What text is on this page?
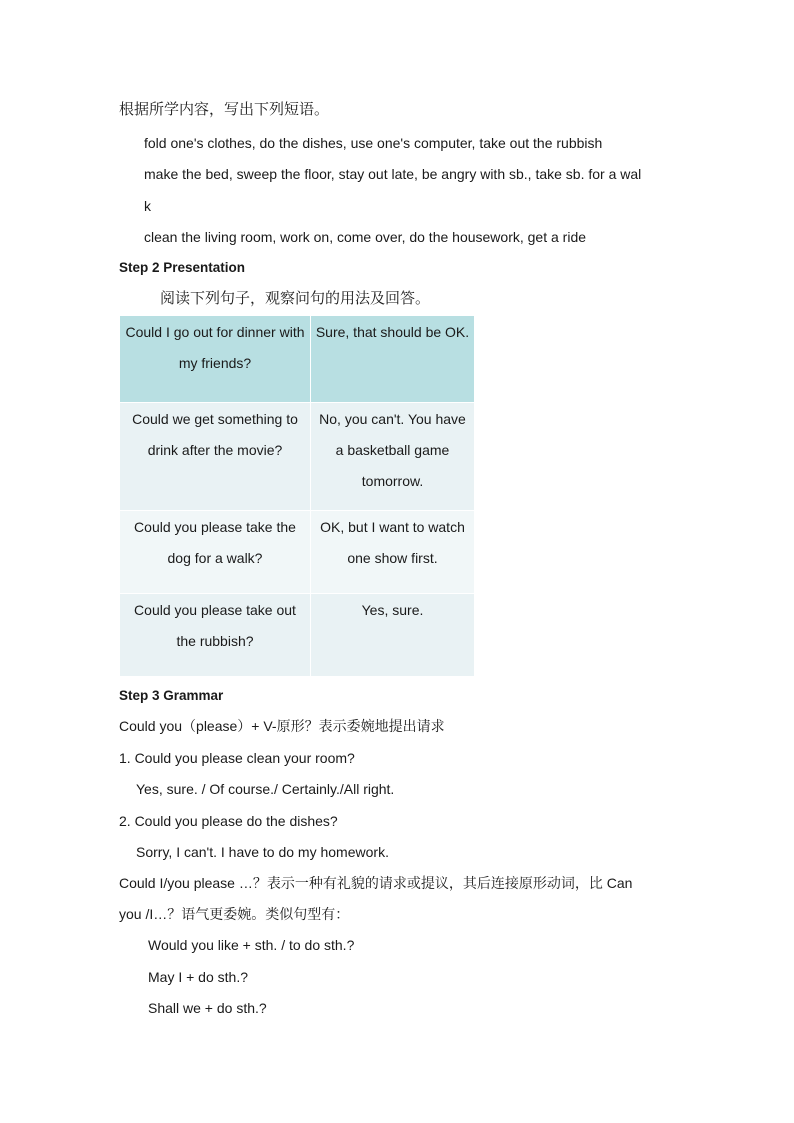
根据所学内容，写出下列短语。
fold one's clothes, do the dishes, use one's computer, take out the rubbish
make the bed, sweep the floor, stay out late, be angry with sb., take sb. for a wal
k
clean the living room, work on, come over, do the housework, get a ride
Step 2 Presentation
阅读下列句子，观察问句的用法及回答。
Could I go out for dinner with my friends?	Sure, that should be OK.

Could we get something to drink after the movie?	No, you can't. You have a basketball game tomorrow.

Could you please take the dog for a walk?	OK, but I want to watch one show first.

Could you please take out the rubbish?	Yes, sure.
Step 3 Grammar
Could you（please）+ V-原形？表示委婉地提出请求
1. Could you please clean your room?
Yes, sure. / Of course./ Certainly./All right.
2. Could you please do the dishes?
Sorry, I can't. I have to do my homework.
Could I/you please …？表示一种有礼貌的请求或提议，其后连接原形动词，比 Can
you /I…？语气更委婉。类似句型有：
Would you like + sth. / to do sth.?
May I + do sth.?
Shall we + do sth.?
